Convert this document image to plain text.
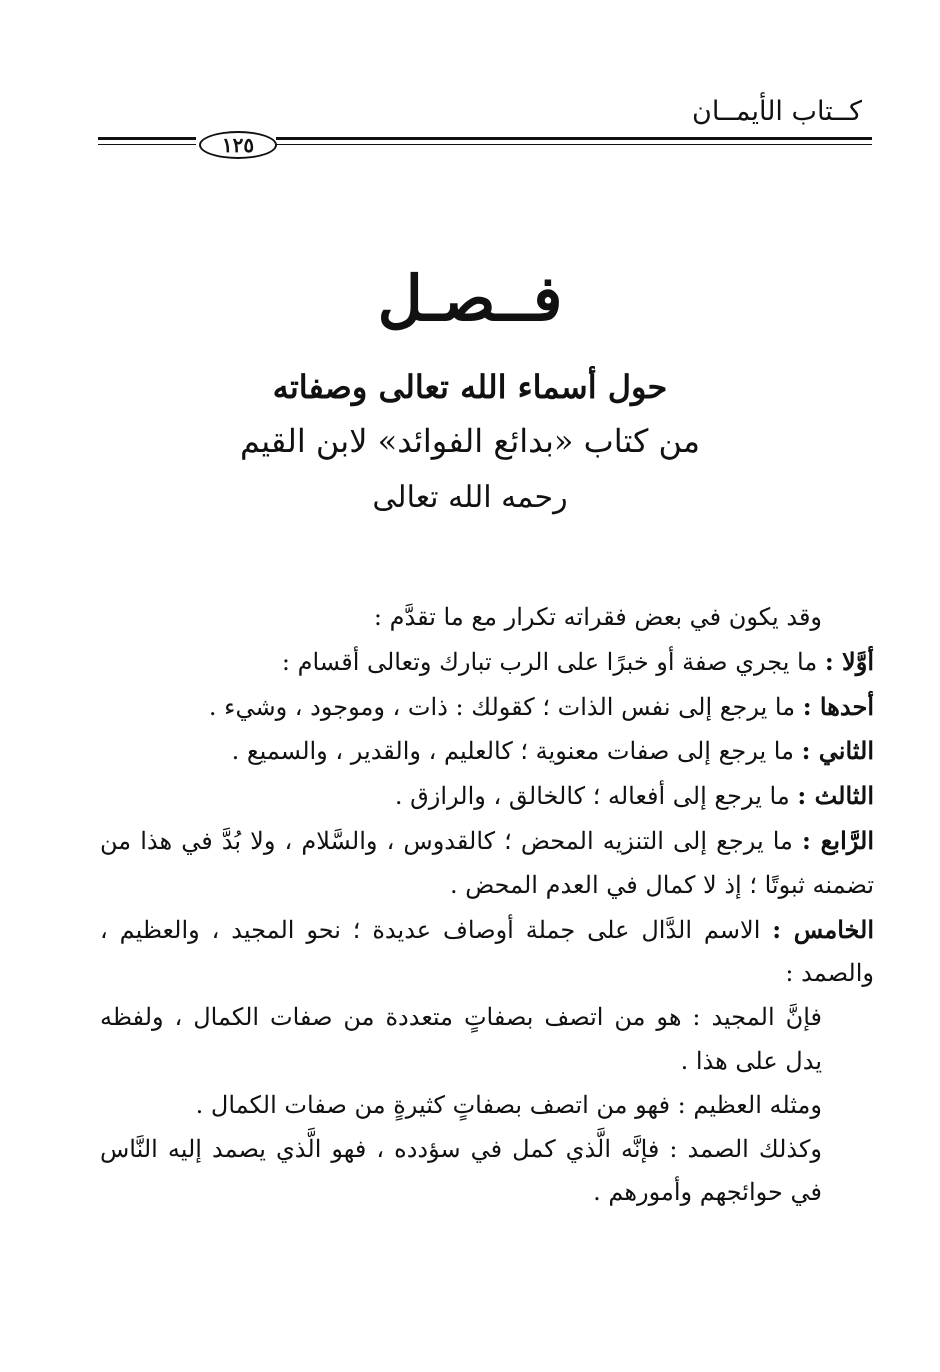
كــتاب الأيمــان
١٢٥
فــصـل
حول أسماء الله تعالى وصفاته
من كتاب «بدائع الفوائد» لابن القيم
رحمه الله تعالى

وقد يكون في بعض فقراته تكرار مع ما تقدَّم :

أوَّلا : ما يجري صفة أو خبرًا على الرب تبارك وتعالى أقسام :

أحدها : ما يرجع إلى نفس الذات ؛ كقولك : ذات ، وموجود ، وشيء .

الثاني : ما يرجع إلى صفات معنوية ؛ كالعليم ، والقدير ، والسميع .

الثالث : ما يرجع إلى أفعاله ؛ كالخالق ، والرازق .

الرَّابع : ما يرجع إلى التنزيه المحض ؛ كالقدوس ، والسَّلام ، ولا بُدَّ في هذا من تضمنه ثبوتًا ؛ إذ لا كمال في العدم المحض .

الخامس : الاسم الدَّال على جملة أوصاف عديدة ؛ نحو المجيد ، والعظيم ، والصمد :

فإنَّ المجيد : هو من اتصف بصفاتٍ متعددة من صفات الكمال ، ولفظه يدل على هذا .

ومثله العظيم : فهو من اتصف بصفاتٍ كثيرةٍ من صفات الكمال .

وكذلك الصمد : فإنَّه الَّذي كمل في سؤدده ، فهو الَّذي يصمد إليه النَّاس في حوائجهم وأمورهم .
